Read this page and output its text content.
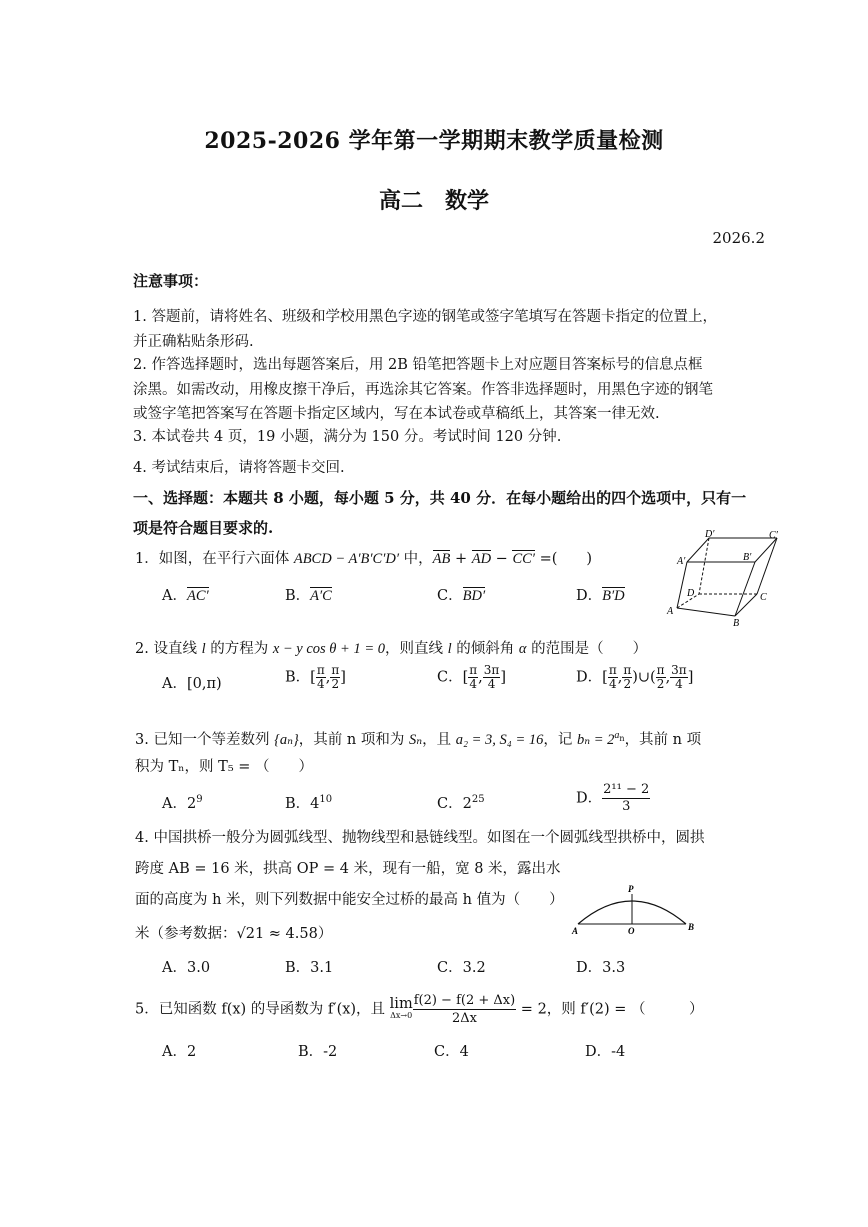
2025-2026 学年第一学期期末教学质量检测
高二　数学
2026.2
注意事项：
1. 答题前，请将姓名、班级和学校用黑色字迹的钢笔或签字笔填写在答题卡指定的位置上，
并正确粘贴条形码.
2. 作答选择题时，选出每题答案后，用 2B 铅笔把答题卡上对应题目答案标号的信息点框
涂黑。如需改动，用橡皮擦干净后，再选涂其它答案。作答非选择题时，用黑色字迹的钢笔
或签字笔把答案写在答题卡指定区域内，写在本试卷或草稿纸上，其答案一律无效.
3. 本试卷共 4 页，19 小题，满分为 150 分。考试时间 120 分钟.
4. 考试结束后，请将答题卡交回.
一、选择题：本题共 8 小题，每小题 5 分，共 40 分．在每小题给出的四个选项中，只有一
项是符合题目要求的.
1．如图，在平行六面体 ABCD − A′B′C′D′ 中，AB + AD − CC′ =(　　)
A．AC′	B．A′C	C．BD′	D．B′D
D′	C′
A′	B′
D	C
A
B
2. 设直线 l 的方程为 x − y cos θ + 1 = 0，则直线 l 的倾斜角 α 的范围是（　　）
A．[0,π)	B．[ $\frac{\pi}{4}$ , $\frac{\pi}{2}$ ]	C．[ $\frac{\pi}{4}$ , $\frac{3\pi}{4}$ ]	D．[ $\frac{\pi}{4}$ , $\frac{\pi}{2}$ )∪( $\frac{\pi}{2}$ , $\frac{3\pi}{4}$ ]
3. 已知一个等差数列 {aₙ}，其前 n 项和为 Sₙ，且 a₂ = 3, S₄ = 16，记 $b_n = 2^{a_n}$，其前 n 项
积为 Tₙ，则 T₅ = （　　）
A．$2^9$	B．$4^{10}$	C．$2^{25}$	D． $\frac{\text{2¹¹ − 2}}{3}$
4. 中国拱桥一般分为圆弧线型、抛物线型和悬链线型。如图在一个圆弧线型拱桥中，圆拱
跨度 AB = 16 米，拱高 OP = 4 米，现有一船，宽 8 米，露出水
面的高度为 h 米，则下列数据中能安全过桥的最高 h 值为（　　）
米（参考数据：√21 ≈ 4.58）
A．3.0	B．3.1	C．3.2	D．3.3
P
A	O	B
5．已知函数 f(x) 的导函数为 f′(x)，且 lim
$\Delta x\to 0 \frac{f(2) - f(2 + \Delta x)}{2\Delta x} = 2$，则 f′(2) = （　　　）
A．2	B．-2	C．4	D．-4
